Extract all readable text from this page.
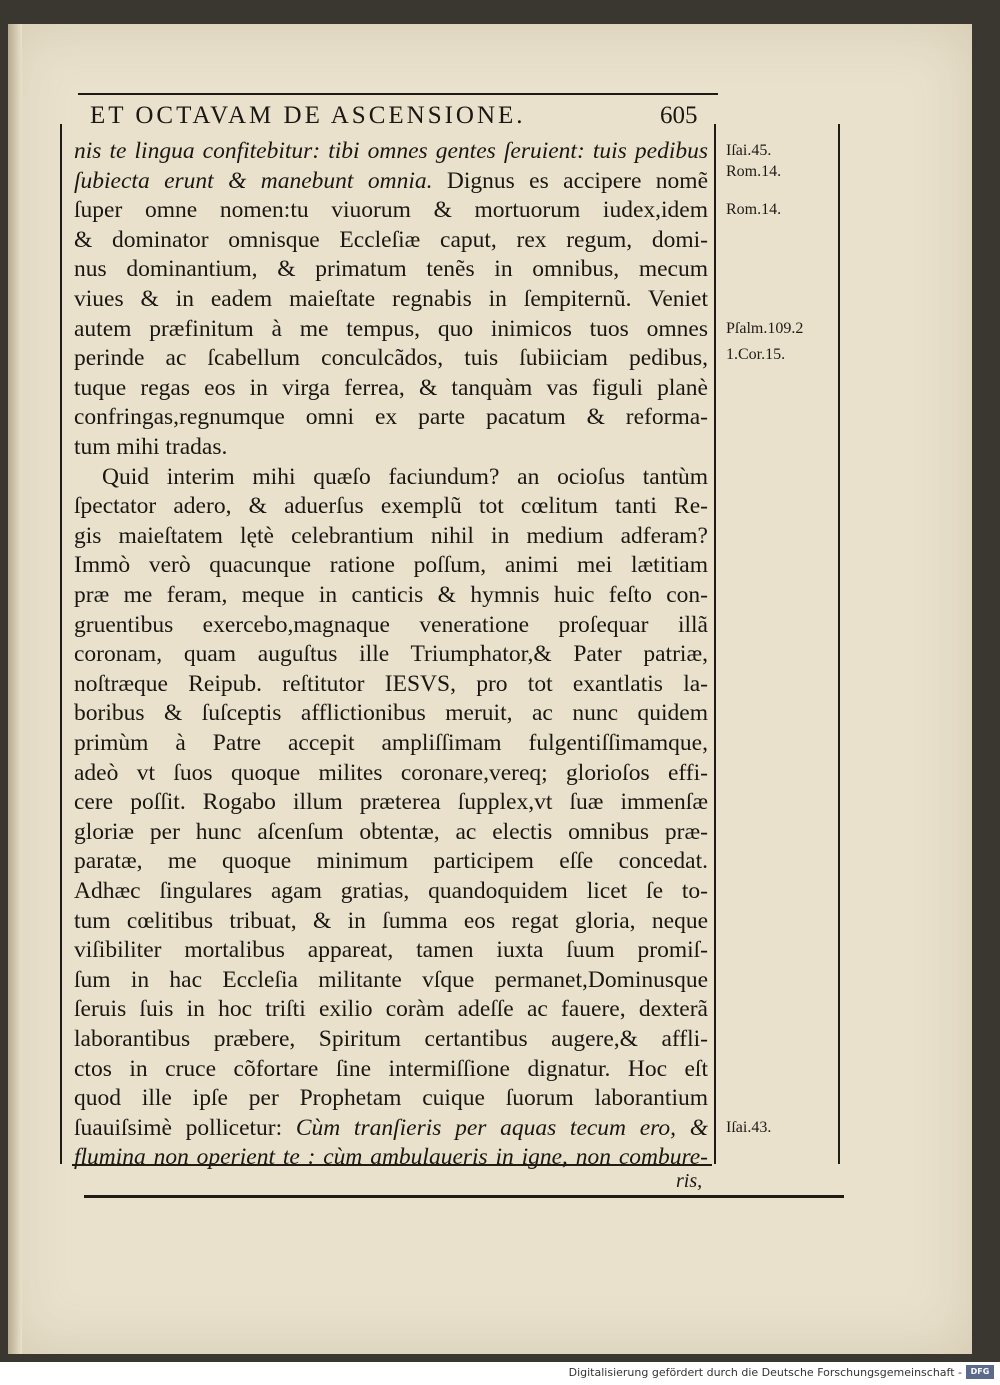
ET OCTAVAM DE ASCENSIONE.	605
nis te lingua confitebitur: tibi omnes gentes ſeruient: tuis pedibus
ſubiecta erunt & manebunt omnia. Dignus es accipere nomẽ
ſuper omne nomen:tu viuorum & mortuorum iudex,idem
& dominator omnisque Eccleſiæ caput, rex regum, domi-
nus dominantium, & primatum tenẽs in omnibus, mecum
viues & in eadem maieſtate regnabis in ſempiternũ. Veniet
autem præfinitum à me tempus, quo inimicos tuos omnes
perinde ac ſcabellum conculcãdos, tuis ſubiiciam pedibus,
tuque regas eos in virga ferrea, & tanquàm vas figuli planè
confringas,regnumque omni ex parte pacatum & reforma-
tum mihi tradas.
Quid interim mihi quæſo faciundum? an ocioſus tantùm
ſpectator adero, & aduerſus exemplũ tot cœlitum tanti Re-
gis maieſtatem lętè celebrantium nihil in medium adferam?
Immò verò quacunque ratione poſſum, animi mei lætitiam
præ me feram, meque in canticis & hymnis huic feſto con-
gruentibus exercebo,magnaque veneratione proſequar illã
coronam, quam auguſtus ille Triumphator,& Pater patriæ,
noſtræque Reipub. reſtitutor IESVS, pro tot exantlatis la-
boribus & ſuſceptis afflictionibus meruit, ac nunc quidem
primùm à Patre accepit ampliſſimam fulgentiſſimamque,
adeò vt ſuos quoque milites coronare,vereq; glorioſos effi-
cere poſſit. Rogabo illum præterea ſupplex,vt ſuæ immenſæ
gloriæ per hunc aſcenſum obtentæ, ac electis omnibus præ-
paratæ, me quoque minimum participem eſſe concedat.
Adhæc ſingulares agam gratias, quandoquidem licet ſe to-
tum cœlitibus tribuat, & in ſumma eos regat gloria, neque
viſibiliter mortalibus appareat, tamen iuxta ſuum promiſ-
ſum in hac Eccleſia militante vſque permanet,Dominusque
ſeruis ſuis in hoc triſti exilio coràm adeſſe ac fauere, dexterã
laborantibus præbere, Spiritum certantibus augere,& affli-
ctos in cruce cõfortare ſine intermiſſione dignatur. Hoc eſt
quod ille ipſe per Prophetam cuique ſuorum laborantium
ſuauiſsimè pollicetur: Cùm tranſieris per aquas tecum ero, &
flumina non operient te : cùm ambulaueris in igne, non combure-
Iſai.45.
Rom.14.
Rom.14.
Pſalm.109.2
1.Cor.15.
Iſai.43.
ris,
Digitalisierung gefördert durch die Deutsche Forschungsgemeinschaft -	DFG
